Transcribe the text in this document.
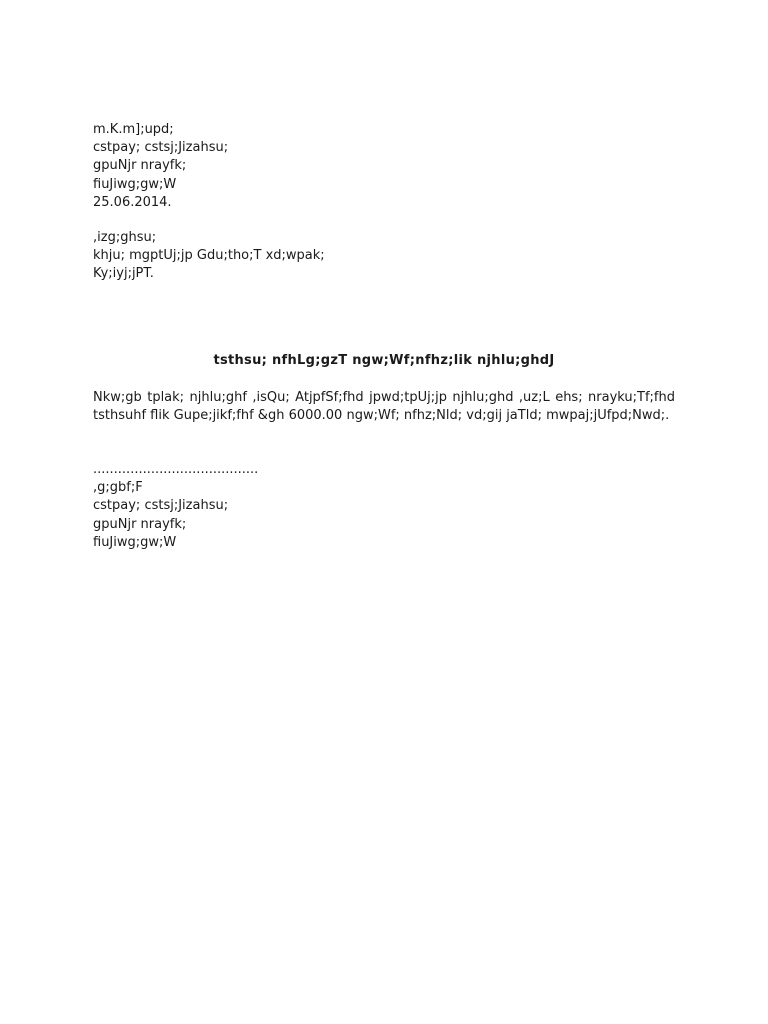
m.K.m];upd;
cstpay; cstsj;Jizahsu;
gpuNjr nrayfk;
fiuJiwg;gw;W
25.06.2014.
,izg;ghsu;
khju; mgptUj;jp Gdu;tho;T xd;wpak;
Ky;iyj;jPT.
tsthsu; nfhLg;gzT ngw;Wf;nfhz;lik njhlu;ghdJ
Nkw;gb tplak; njhlu;ghf ,isQu; AtjpfSf;fhd jpwd;tpUj;jp njhlu;ghd ,uz;L ehs; nrayku;Tf;fhd tsthsuhf flik Gupe;jikf;fhf &gh 6000.00 ngw;Wf; nfhz;Nld; vd;gij jaTld; mwpaj;jUfpd;Nwd;.
........................................
,g;gbf;F
cstpay; cstsj;Jizahsu;
gpuNjr nrayfk;
fiuJiwg;gw;W
